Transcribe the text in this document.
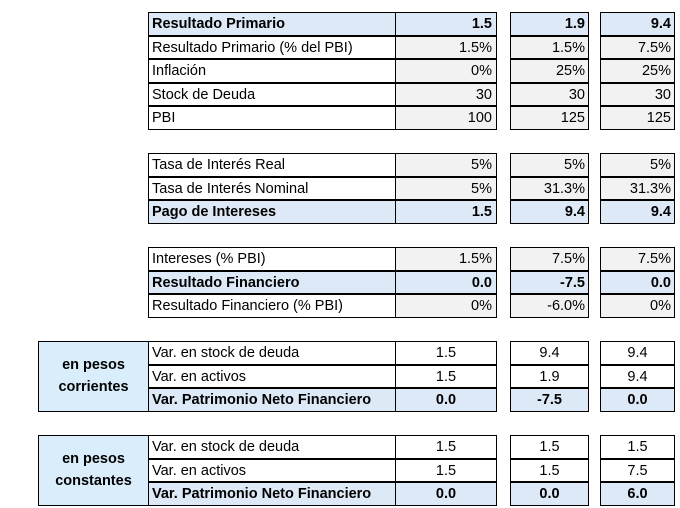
Resultado Primario	1.5	1.9	9.4
Resultado Primario (% del PBI)	1.5%	1.5%	7.5%
Inflación	0%	25%	25%
Stock de Deuda	30	30	30
PBI	100	125	125
Tasa de Interés Real	5%	5%	5%
Tasa de Interés Nominal	5%	31.3%	31.3%
Pago de Intereses	1.5	9.4	9.4
Intereses (% PBI)	1.5%	7.5%	7.5%
Resultado Financiero	0.0	-7.5	0.0
Resultado Financiero (% PBI)	0%	-6.0%	0%
en pesos corrientes
Var. en stock de deuda	1.5	9.4	9.4
Var. en activos	1.5	1.9	9.4
Var. Patrimonio Neto Financiero	0.0	-7.5	0.0
en pesos constantes
Var. en stock de deuda	1.5	1.5	1.5
Var. en activos	1.5	1.5	7.5
Var. Patrimonio Neto Financiero	0.0	0.0	6.0
